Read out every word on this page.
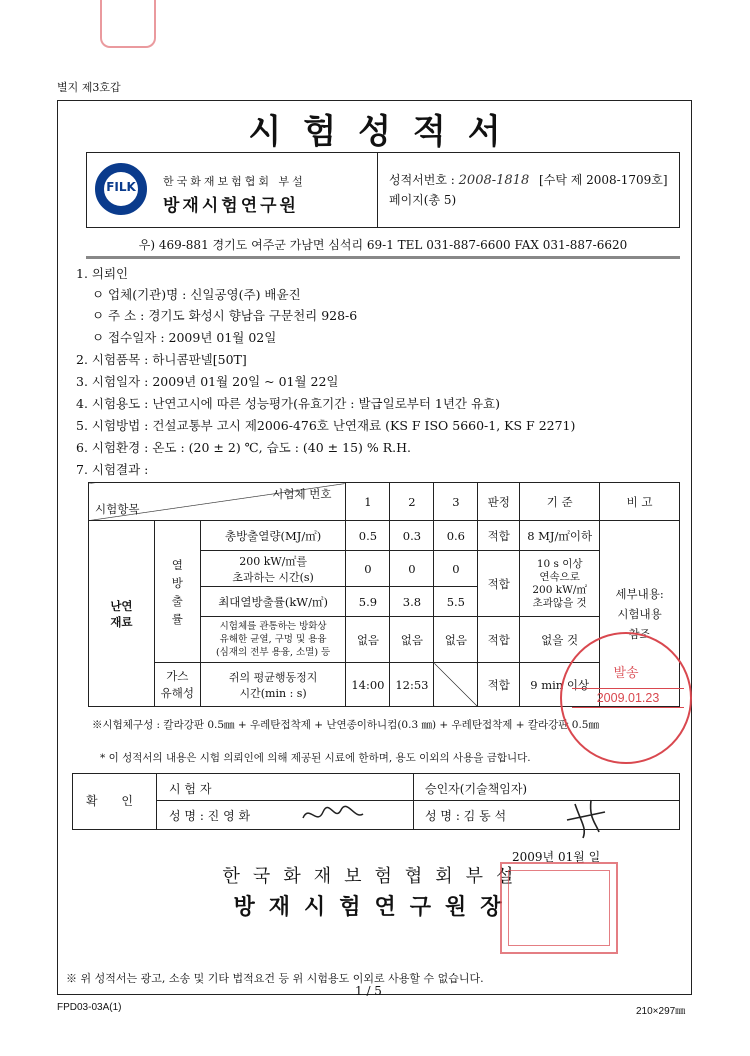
별지 제3호갑
시험성적서
FILK	한국화재보험협회 부설
방재시험연구원
성적서번호 : 2008-1818 [수탁 제 2008-1709호]
페이지(총 5)
우) 469-881 경기도 여주군 가남면 심석리 69-1 TEL 031-887-6600 FAX 031-887-6620
1. 의뢰인
ㅇ 업체(기관)명 : 신일공영(주) 배윤진
ㅇ 주 소 : 경기도 화성시 향남읍 구문천리 928-6
ㅇ 접수일자 : 2009년 01월 02일
2. 시험품목 : 하니콤판넬[50T]
3. 시험일자 : 2009년 01월 20일 ~ 01월 22일
4. 시험용도 : 난연고시에 따른 성능평가(유효기간 : 발급일로부터 1년간 유효)
5. 시험방법 : 건설교통부 고시 제2006-476호 난연재료 (KS F ISO 5660-1, KS F 2271)
6. 시험환경 : 온도 : (20 ± 2) ℃, 습도 : (40 ± 15) % R.H.
7. 시험결과 :
시험체 번호
시험항목			1	2	3	판정	기 준	비 고
난연
재료	열
방
출
률	총방출열량(MJ/㎡)	0.5	0.3	0.6	적합	8 MJ/㎡이하	세부내용:
시험내용
참조
		200 kW/㎡를
초과하는 시간(s)	0	0	0	적합	10 s 이상
연속으로
200 kW/㎡
초과않을 것	
		최대열방출률(kW/㎡)	5.9	3.8	5.5			
		시험체를 관통하는 방화상
유해한 균열, 구멍 및 용융
(심재의 전부 용융, 소멸) 등	없음	없음	없음	적합	없을 것	
	가스
유해성	쥐의 평균행동정지
시간(min : s)	14:00	12:53		적합	9 min 이상	
※시험체구성 : 칼라강판 0.5㎜ + 우레탄접착제 + 난연종이하니컴(0.3 ㎜) + 우레탄접착제 + 칼라강판 0.5㎜
* 이 성적서의 내용은 시험 의뢰인에 의해 제공된 시료에 한하며, 용도 이외의 사용을 금합니다.
확 인
시 험 자
성 명 : 진 영 화
승인자(기술책임자)
성 명 : 김 동 석
2009년 01월 일
한국화재보험협회부설
방재시험연구원장
※ 위 성적서는 광고, 소송 및 기타 법적요건 등 위 시험용도 이외로 사용할 수 없습니다.
1 / 5
FPD03-03A(1)	210×297㎜
발송
2009.01.23
